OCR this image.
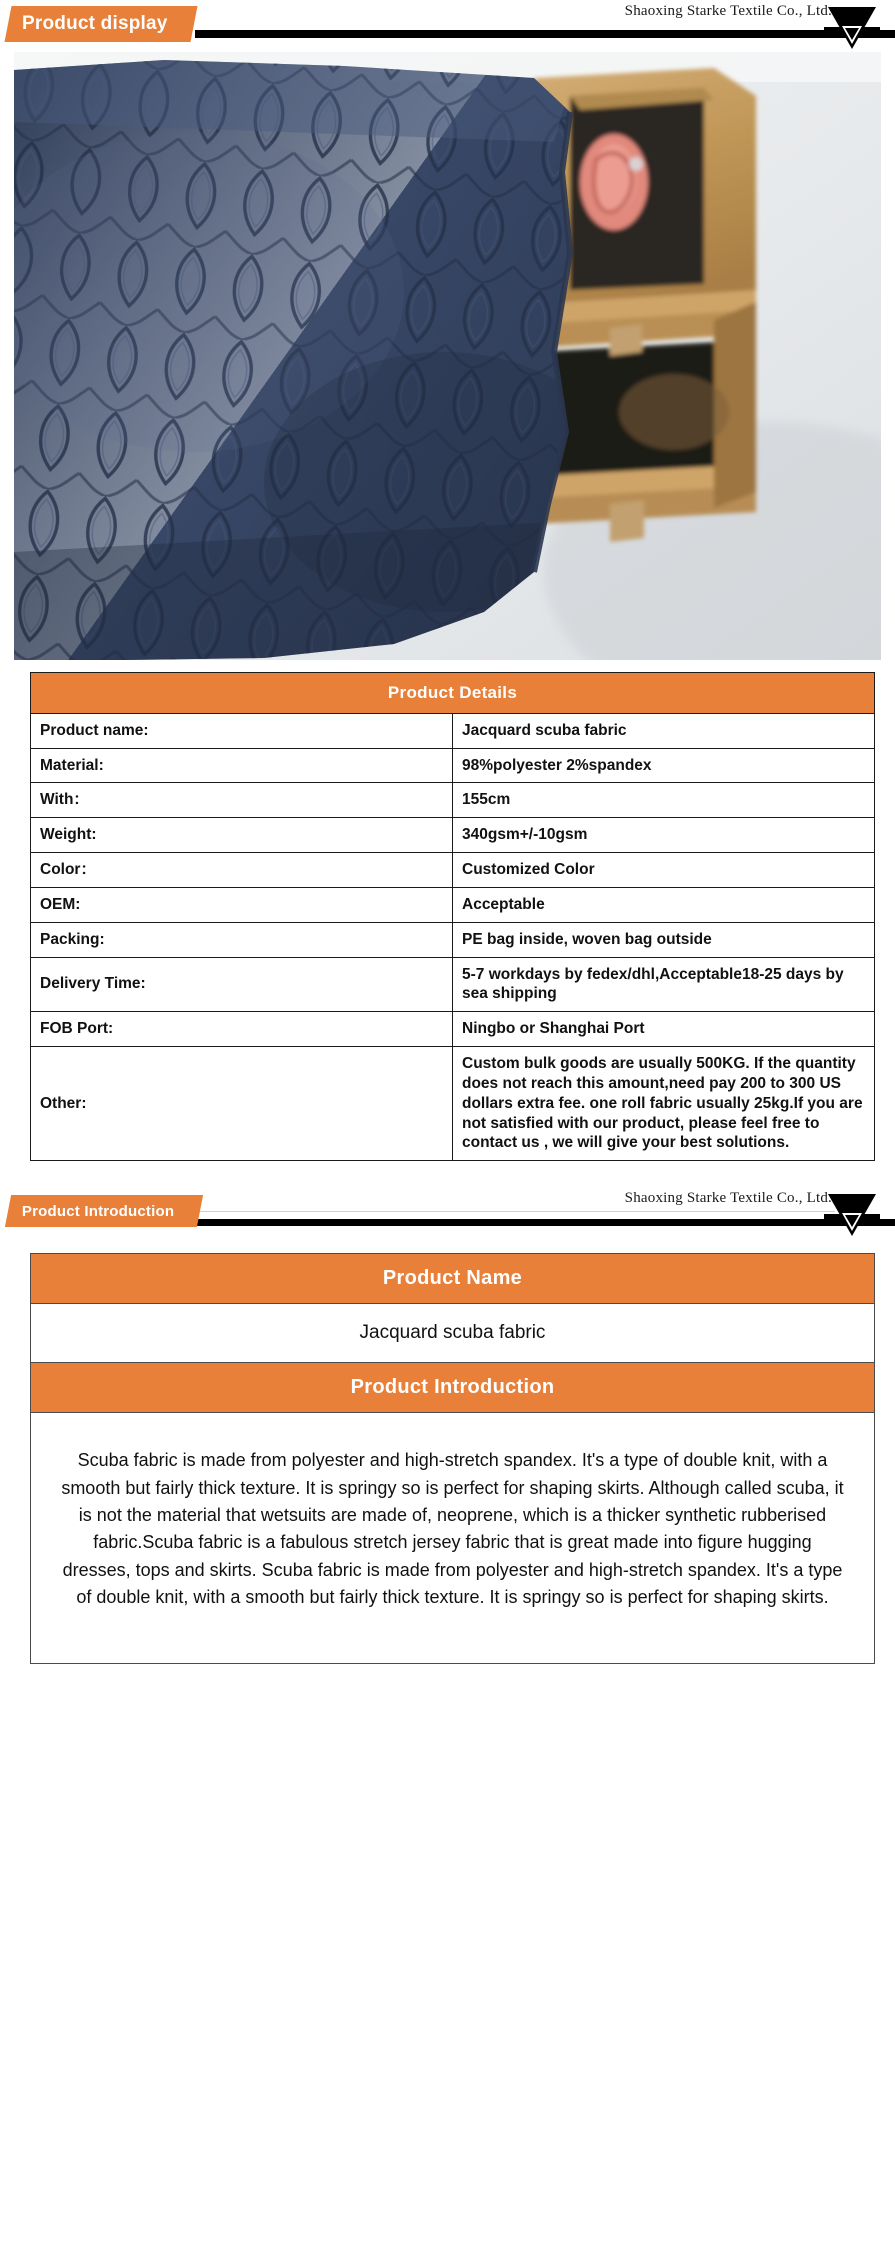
Product display
Shaoxing Starke Textile Co., Ltd.
Product Details	
Product name:	Jacquard scuba fabric
Material:	98%polyester 2%spandex
With：	155cm
Weight:	340gsm+/-10gsm
Color：	Customized Color
OEM:	Acceptable
Packing:	PE bag inside, woven bag outside
Delivery Time:	5-7 workdays by fedex/dhl,Acceptable18-25 days by sea shipping
FOB Port:	Ningbo or Shanghai Port
Other:	Custom bulk goods are usually 500KG. If the quantity does not reach this amount,need pay 200 to 300 US dollars extra fee. one roll fabric usually 25kg.If you are not satisfied with our product, please feel free to contact us , we will give your best solutions.
Product Introduction
Shaoxing Starke Textile Co., Ltd.
Product Name
Jacquard scuba fabric
Product Introduction
Scuba fabric is made from polyester and high-stretch spandex. It's a type of double knit, with a smooth but fairly thick texture. It is springy so is perfect for shaping skirts. Although called scuba, it is not the material that wetsuits are made of, neoprene, which is a thicker synthetic rubberised fabric.Scuba fabric is a fabulous stretch jersey fabric that is great made into figure hugging dresses, tops and skirts. Scuba fabric is made from polyester and high-stretch spandex. It's a type of double knit, with a smooth but fairly thick texture. It is springy so is perfect for shaping skirts.
